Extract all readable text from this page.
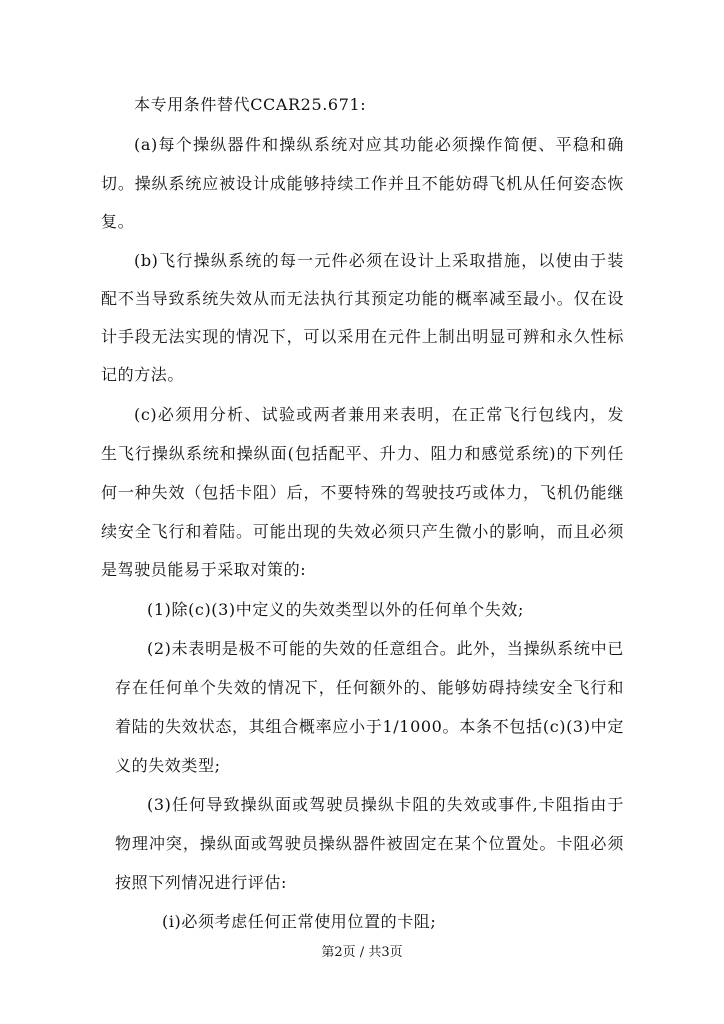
本专用条件替代CCAR25.671:
(a)每个操纵器件和操纵系统对应其功能必须操作简便、平稳和确
切。操纵系统应被设计成能够持续工作并且不能妨碍飞机从任何姿态恢
复。
(b)飞行操纵系统的每一元件必须在设计上采取措施，以使由于装
配不当导致系统失效从而无法执行其预定功能的概率减至最小。仅在设
计手段无法实现的情况下，可以采用在元件上制出明显可辨和永久性标
记的方法。
(c)必须用分析、试验或两者兼用来表明，在正常飞行包线内，发
生飞行操纵系统和操纵面(包括配平、升力、阻力和感觉系统)的下列任
何一种失效（包括卡阻）后，不要特殊的驾驶技巧或体力，飞机仍能继
续安全飞行和着陆。可能出现的失效必须只产生微小的影响，而且必须
是驾驶员能易于采取对策的:
(1)除(c)(3)中定义的失效类型以外的任何单个失效;
(2)未表明是极不可能的失效的任意组合。此外，当操纵系统中已
存在任何单个失效的情况下，任何额外的、能够妨碍持续安全飞行和
着陆的失效状态，其组合概率应小于1/1000。本条不包括(c)(3)中定
义的失效类型;
(3)任何导致操纵面或驾驶员操纵卡阻的失效或事件,卡阻指由于
物理冲突，操纵面或驾驶员操纵器件被固定在某个位置处。卡阻必须
按照下列情况进行评估:
(i)必须考虑任何正常使用位置的卡阻;
第2页 / 共3页
